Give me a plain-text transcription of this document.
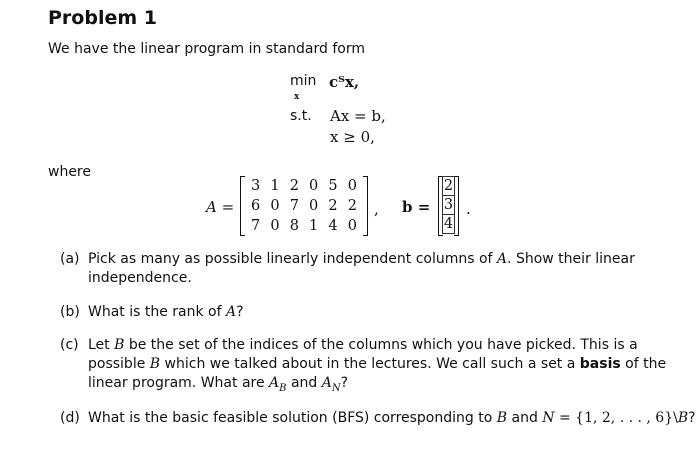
Problem 1
We have the linear program in standard form
min
x
cᵀx,
s.t. Ax = b,
x ≥ 0,
where
A =
3	1	2	0	5	0
6	0	7	0	2	2
7	0	8	1	4	0
, b =
2
3
4
.
(a) Pick as many as possible linearly independent columns of A. Show their linear independence.
(b) What is the rank of A?
(c) Let B be the set of the indices of the columns which you have picked. This is a possible B which we talked about in the lectures. We call such a set a basis of the linear program. What are $A_B$ and $A_N$?
(d) What is the basic feasible solution (BFS) corresponding to B and N = {1, 2, . . . , 6}\B?
